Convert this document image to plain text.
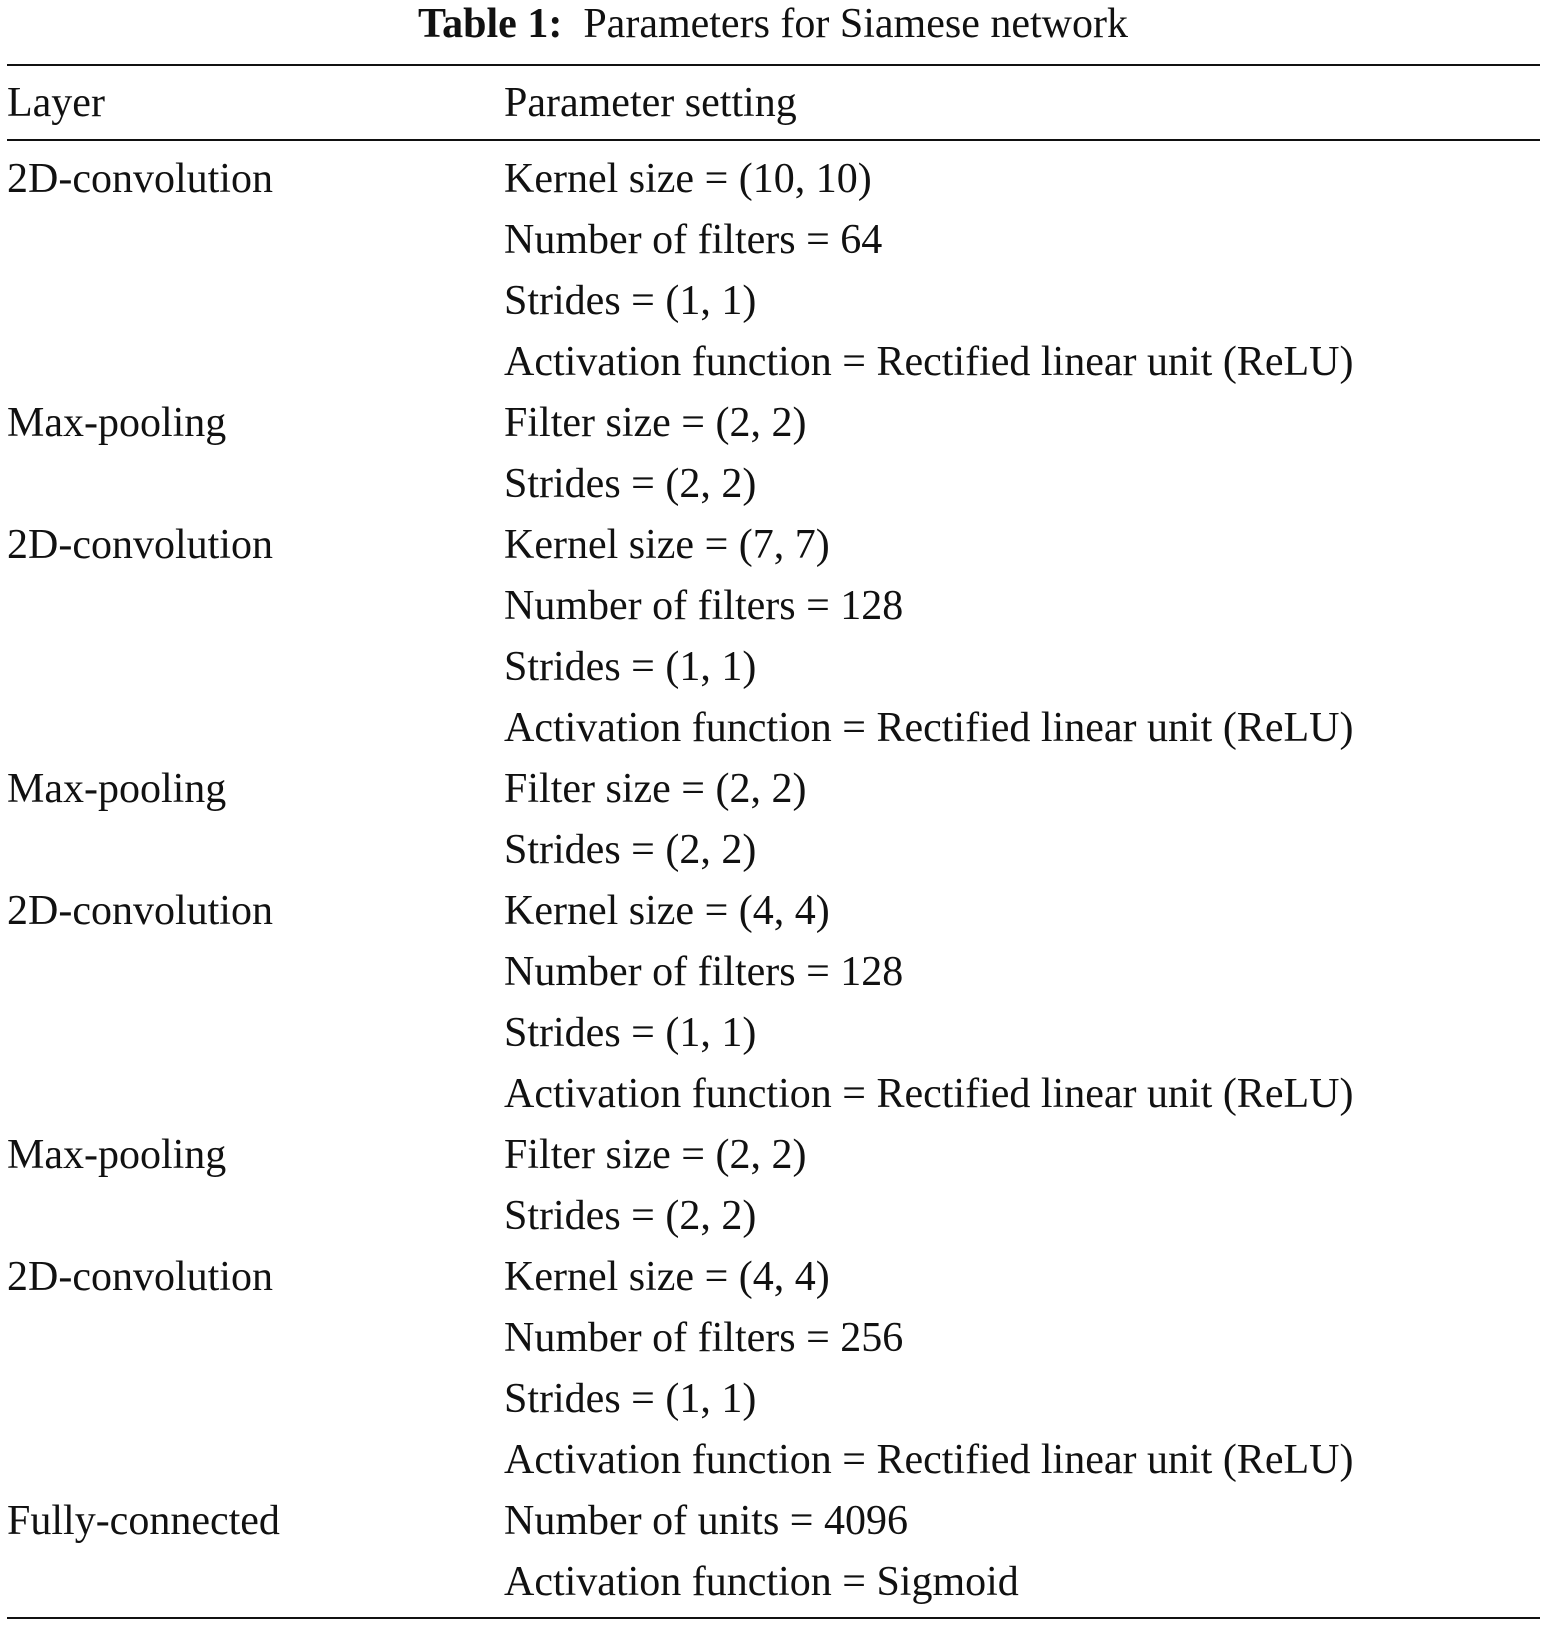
Table 1: Parameters for Siamese network
Layer	Parameter setting
2D-convolution	Kernel size = (10, 10)
Number of filters = 64
Strides = (1, 1)
Activation function = Rectified linear unit (ReLU)
Max-pooling	Filter size = (2, 2)
Strides = (2, 2)
2D-convolution	Kernel size = (7, 7)
Number of filters = 128
Strides = (1, 1)
Activation function = Rectified linear unit (ReLU)
Max-pooling	Filter size = (2, 2)
Strides = (2, 2)
2D-convolution	Kernel size = (4, 4)
Number of filters = 128
Strides = (1, 1)
Activation function = Rectified linear unit (ReLU)
Max-pooling	Filter size = (2, 2)
Strides = (2, 2)
2D-convolution	Kernel size = (4, 4)
Number of filters = 256
Strides = (1, 1)
Activation function = Rectified linear unit (ReLU)
Fully-connected	Number of units = 4096
Activation function = Sigmoid
